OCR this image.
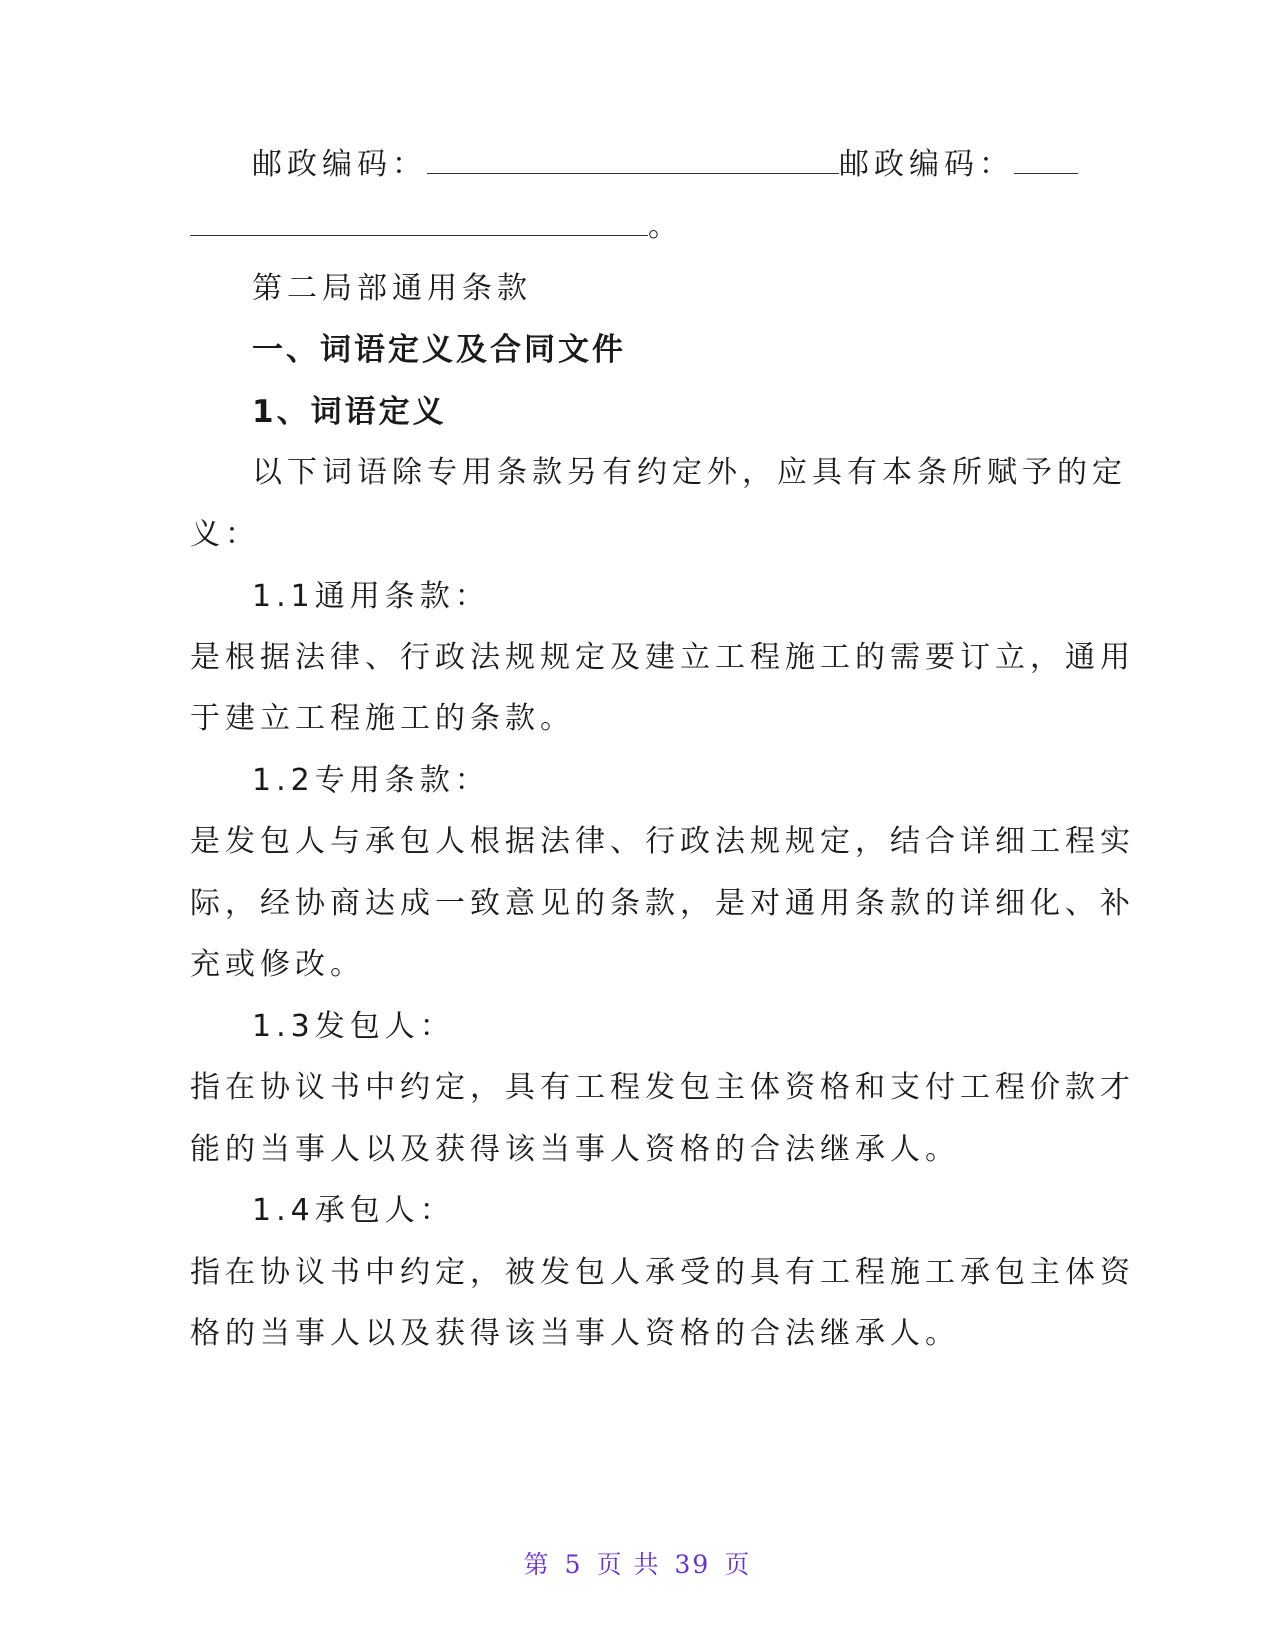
邮政编码：	邮政编码：
。
第二局部通用条款
一、词语定义及合同文件
1、词语定义
以下词语除专用条款另有约定外，应具有本条所赋予的定
义：
1.1通用条款：
是根据法律、行政法规规定及建立工程施工的需要订立，通用
于建立工程施工的条款。
1.2专用条款：
是发包人与承包人根据法律、行政法规规定，结合详细工程实
际，经协商达成一致意见的条款，是对通用条款的详细化、补
充或修改。
1.3发包人：
指在协议书中约定，具有工程发包主体资格和支付工程价款才
能的当事人以及获得该当事人资格的合法继承人。
1.4承包人：
指在协议书中约定，被发包人承受的具有工程施工承包主体资
格的当事人以及获得该当事人资格的合法继承人。
第 5 页 共 39 页
